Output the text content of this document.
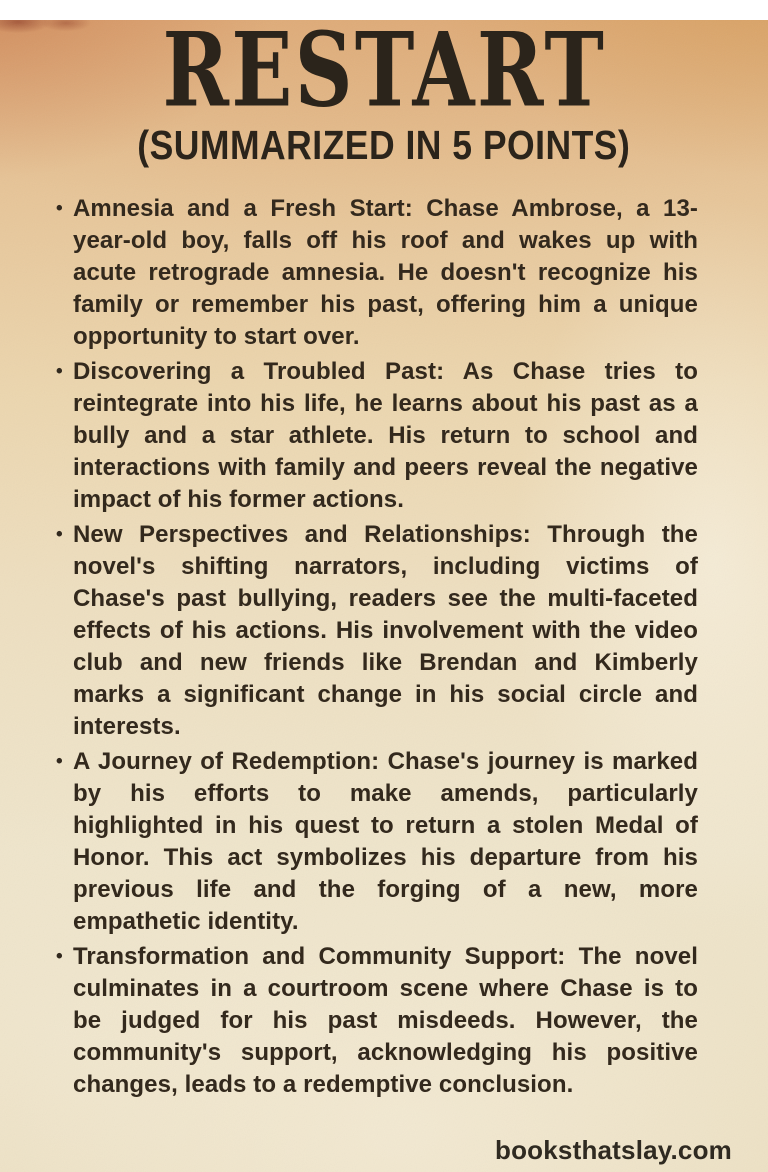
RESTART
(SUMMARIZED IN 5 POINTS)
• Amnesia and a Fresh Start: Chase Ambrose, a 13-year-old boy, falls off his roof and wakes up with acute retrograde amnesia. He doesn't recognize his family or remember his past, offering him a unique opportunity to start over.
• Discovering a Troubled Past: As Chase tries to reintegrate into his life, he learns about his past as a bully and a star athlete. His return to school and interactions with family and peers reveal the negative impact of his former actions.
• New Perspectives and Relationships: Through the novel's shifting narrators, including victims of Chase's past bullying, readers see the multi-faceted effects of his actions. His involvement with the video club and new friends like Brendan and Kimberly marks a significant change in his social circle and interests.
• A Journey of Redemption: Chase's journey is marked by his efforts to make amends, particularly highlighted in his quest to return a stolen Medal of Honor. This act symbolizes his departure from his previous life and the forging of a new, more empathetic identity.
• Transformation and Community Support: The novel culminates in a courtroom scene where Chase is to be judged for his past misdeeds. However, the community's support, acknowledging his positive changes, leads to a redemptive conclusion.
booksthatslay.com
